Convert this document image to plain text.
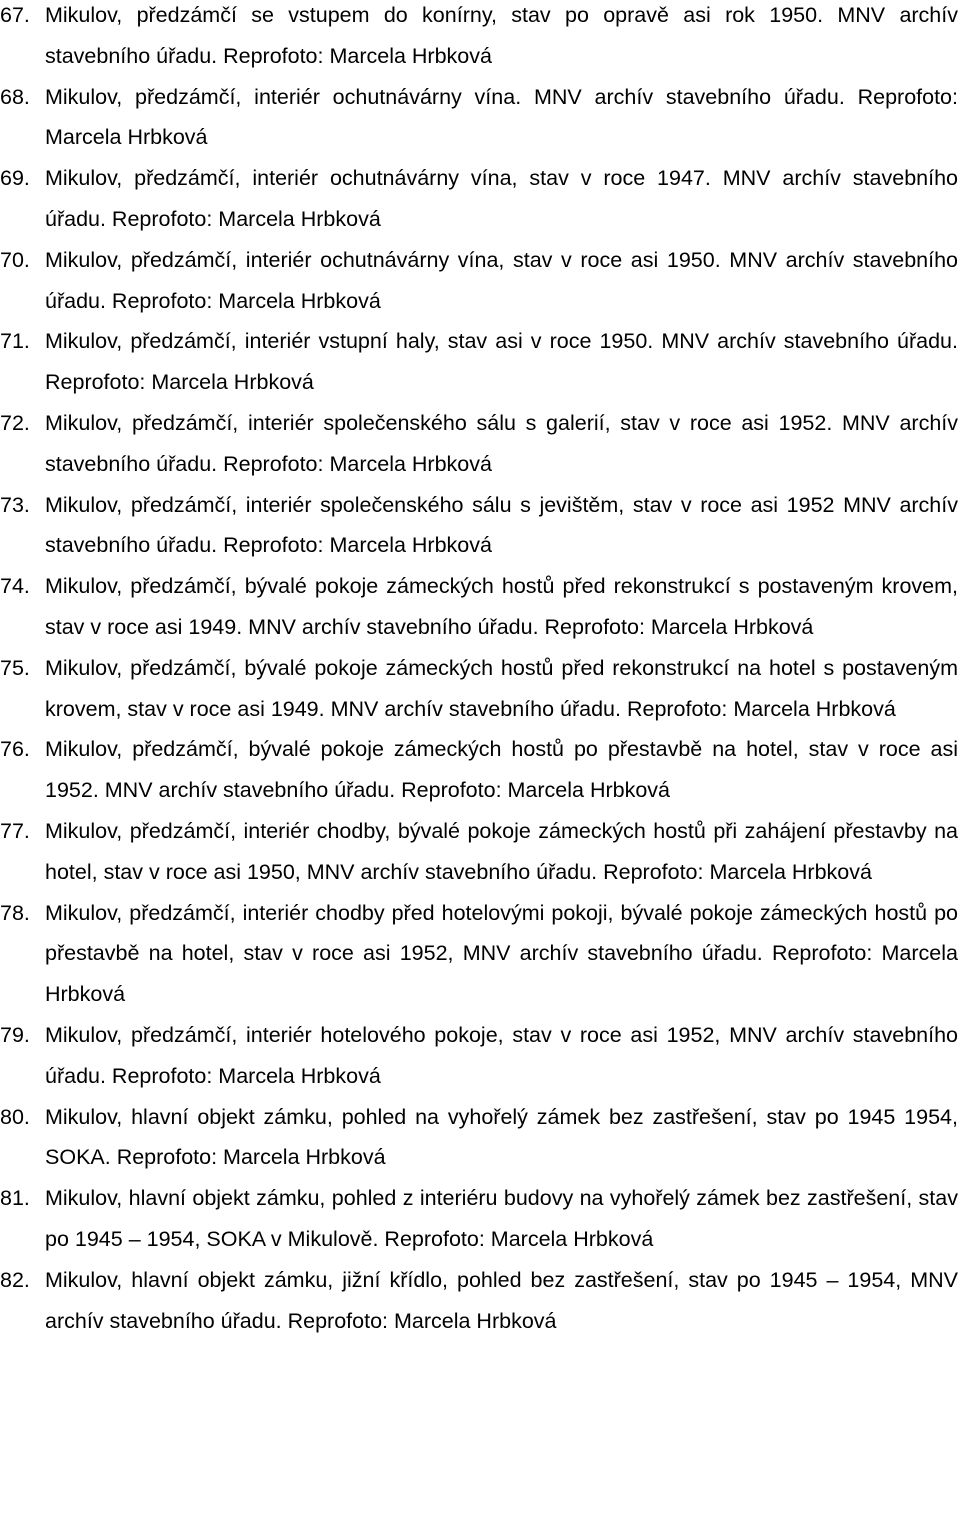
67. Mikulov, předzámčí se vstupem do konírny, stav po opravě asi rok 1950. MNV archív stavebního úřadu. Reprofoto: Marcela Hrbková
68. Mikulov, předzámčí, interiér ochutnávárny vína. MNV archív stavebního úřadu. Reprofoto: Marcela Hrbková
69. Mikulov, předzámčí, interiér ochutnávárny vína, stav v roce 1947. MNV archív stavebního úřadu. Reprofoto: Marcela Hrbková
70. Mikulov, předzámčí, interiér ochutnávárny vína, stav v roce asi 1950. MNV archív stavebního úřadu. Reprofoto: Marcela Hrbková
71. Mikulov, předzámčí, interiér vstupní haly, stav asi v roce 1950. MNV archív stavebního úřadu. Reprofoto: Marcela Hrbková
72. Mikulov, předzámčí, interiér společenského sálu s galerií, stav v roce asi 1952. MNV archív stavebního úřadu. Reprofoto: Marcela Hrbková
73. Mikulov, předzámčí, interiér společenského sálu s jevištěm, stav v roce asi 1952 MNV archív stavebního úřadu. Reprofoto: Marcela Hrbková
74. Mikulov, předzámčí, bývalé pokoje zámeckých hostů před rekonstrukcí s postaveným krovem, stav v roce asi 1949. MNV archív stavebního úřadu. Reprofoto: Marcela Hrbková
75. Mikulov, předzámčí, bývalé pokoje zámeckých hostů před rekonstrukcí na hotel s postaveným krovem, stav v roce asi 1949. MNV archív stavebního úřadu. Reprofoto: Marcela Hrbková
76. Mikulov, předzámčí, bývalé pokoje zámeckých hostů po přestavbě na hotel, stav v roce asi 1952. MNV archív stavebního úřadu. Reprofoto: Marcela Hrbková
77. Mikulov, předzámčí, interiér chodby, bývalé pokoje zámeckých hostů při zahájení přestavby na hotel, stav v roce asi 1950, MNV archív stavebního úřadu. Reprofoto: Marcela Hrbková
78. Mikulov, předzámčí, interiér chodby před hotelovými pokoji, bývalé pokoje zámeckých hostů po přestavbě na hotel, stav v roce asi 1952, MNV archív stavebního úřadu. Reprofoto: Marcela Hrbková
79. Mikulov, předzámčí, interiér hotelového pokoje, stav v roce asi 1952, MNV archív stavebního úřadu. Reprofoto: Marcela Hrbková
80. Mikulov, hlavní objekt zámku, pohled na vyhořelý zámek bez zastřešení, stav po 1945 1954, SOKA. Reprofoto: Marcela Hrbková
81. Mikulov, hlavní objekt zámku, pohled z interiéru budovy na vyhořelý zámek bez zastřešení, stav po 1945 – 1954, SOKA v Mikulově. Reprofoto: Marcela Hrbková
82. Mikulov, hlavní objekt zámku, jižní křídlo, pohled bez zastřešení, stav po 1945 – 1954, MNV archív stavebního úřadu. Reprofoto: Marcela Hrbková
